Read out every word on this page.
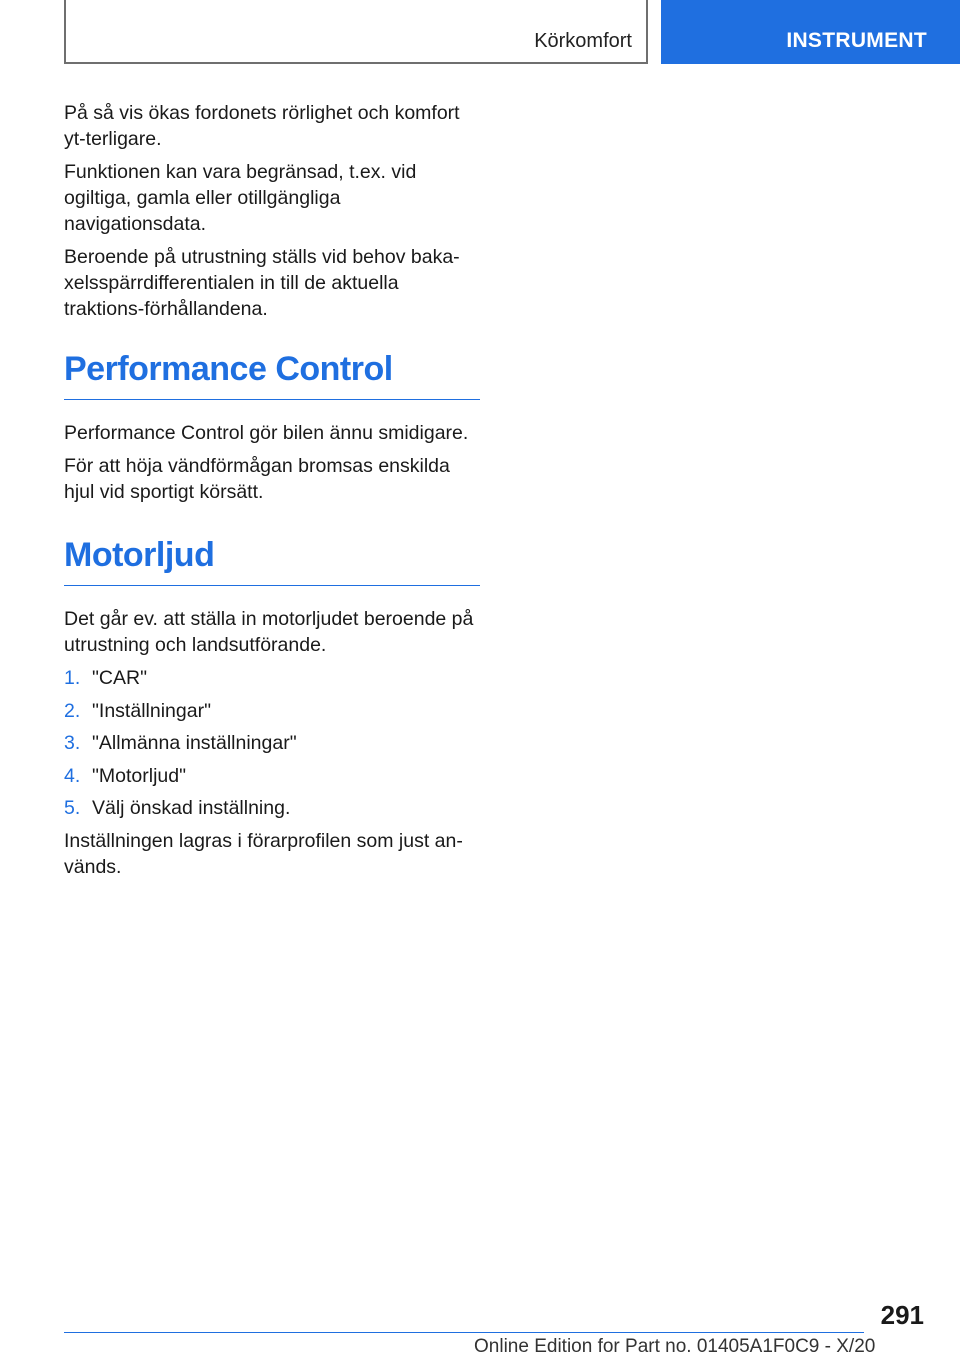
Körkomfort	INSTRUMENT

På så vis ökas fordonets rörlighet och komfort yt-terligare.

Funktionen kan vara begränsad, t.ex. vid ogiltiga, gamla eller otillgängliga navigationsdata.

Beroende på utrustning ställs vid behov baka-xelsspärrdifferentialen in till de aktuella traktions-förhållandena.

Performance Control

Performance Control gör bilen ännu smidigare.

För att höja vändförmågan bromsas enskilda hjul vid sportigt körsätt.

Motorljud

Det går ev. att ställa in motorljudet beroende på utrustning och landsutförande.

1. "CAR"
2. "Inställningar"
3. "Allmänna inställningar"
4. "Motorljud"
5. Välj önskad inställning.

Inställningen lagras i förarprofilen som just an-vänds.

291
Online Edition for Part no. 01405A1F0C9 - X/20
